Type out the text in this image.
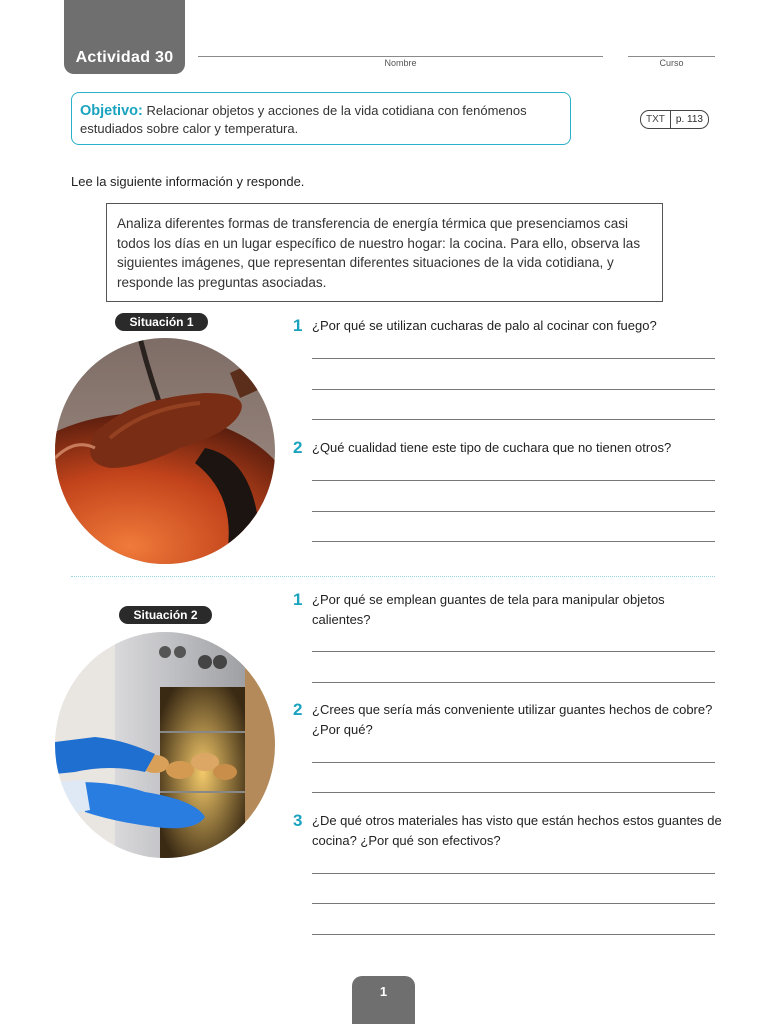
Actividad 30	Nombre	Curso
Objetivo: Relacionar objetos y acciones de la vida cotidiana con fenómenos estudiados sobre calor y temperatura.
TXT	p. 113
Lee la siguiente información y responde.
Analiza diferentes formas de transferencia de energía térmica que presenciamos casi todos los días en un lugar específico de nuestro hogar: la cocina. Para ello, observa las siguientes imágenes, que representan diferentes situaciones de la vida cotidiana, y responde las preguntas asociadas.
Situación 1	1 ¿Por qué se utilizan cucharas de palo al cocinar con fuego?
2 ¿Qué cualidad tiene este tipo de cuchara que no tienen otros?
Situación 2
1 ¿Por qué se emplean guantes de tela para manipular objetos calientes?
2 ¿Crees que sería más conveniente utilizar guantes hechos de cobre? ¿Por qué?
3 ¿De qué otros materiales has visto que están hechos estos guantes de cocina? ¿Por qué son efectivos?
1
